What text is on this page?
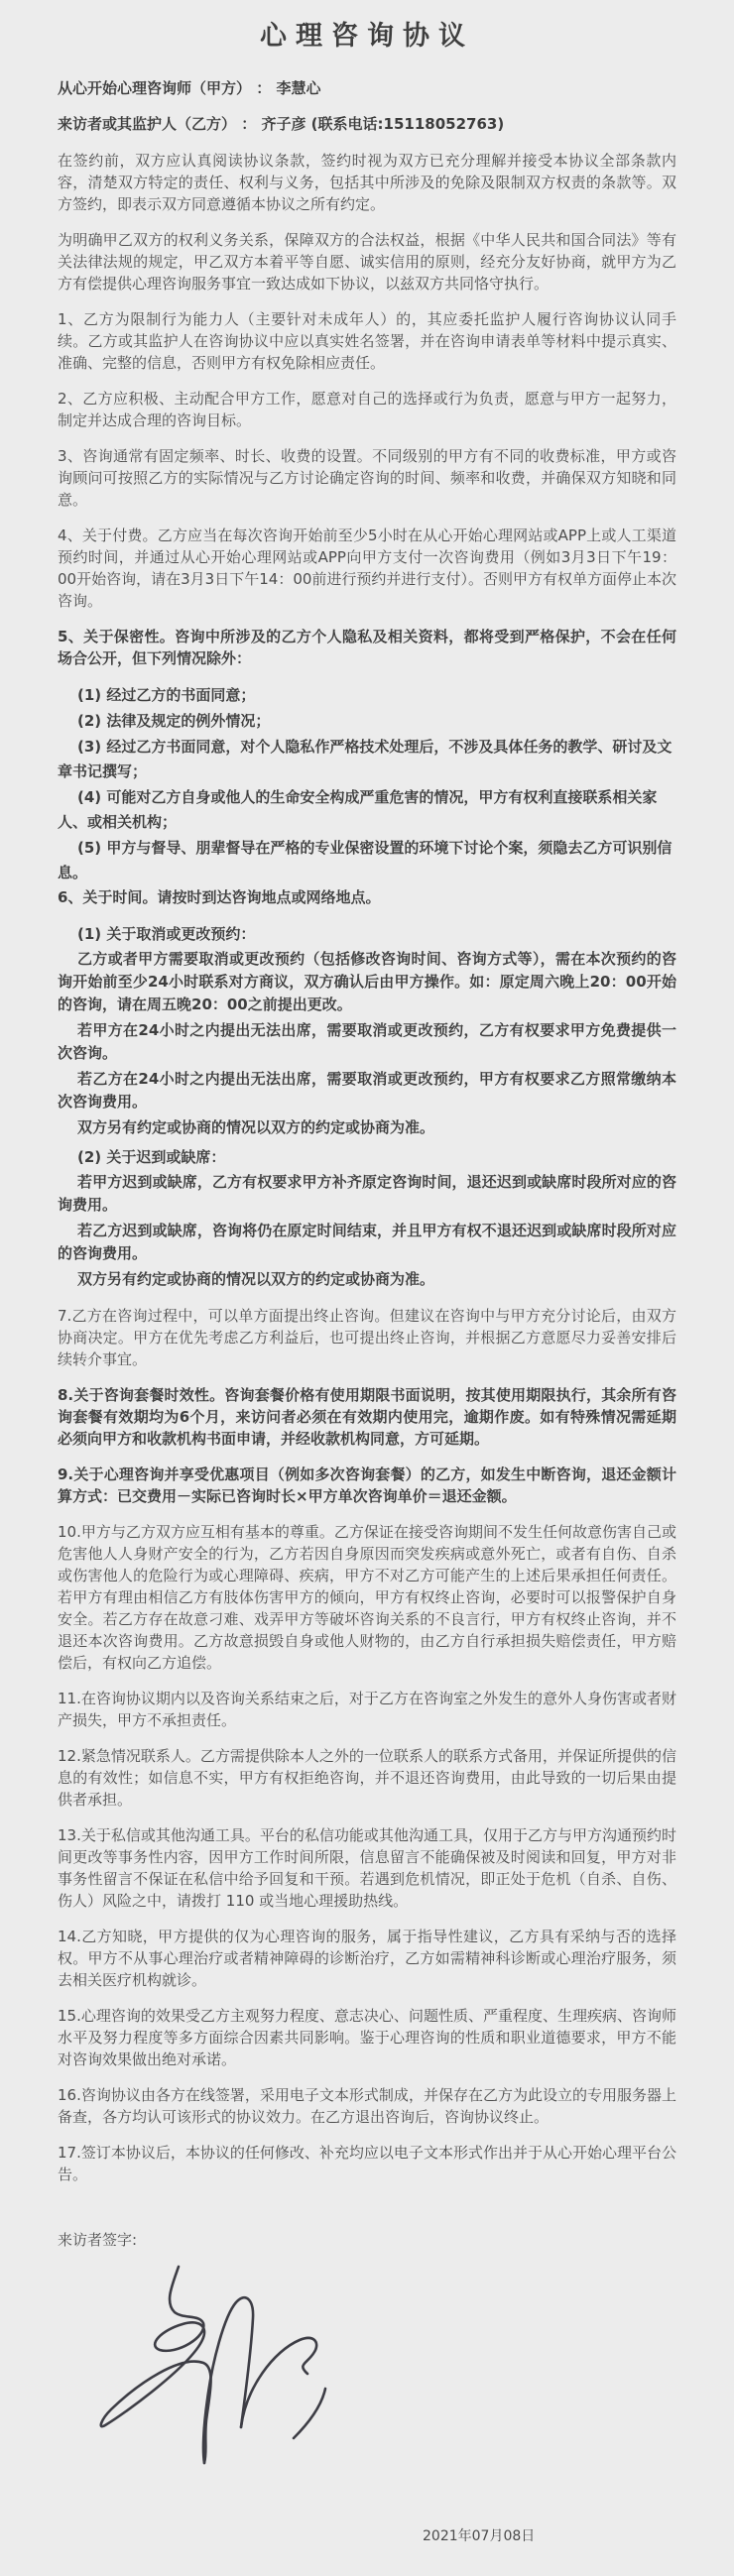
心理咨询协议

从心开始心理咨询师（甲方） ： 李慧心

来访者或其监护人（乙方） ： 齐子彦 (联系电话:15118052763)

在签约前，双方应认真阅读协议条款，签约时视为双方已充分理解并接受本协议全部条款内容，清楚双方特定的责任、权利与义务，包括其中所涉及的免除及限制双方权责的条款等。双方签约，即表示双方同意遵循本协议之所有约定。

为明确甲乙双方的权利义务关系，保障双方的合法权益，根据《中华人民共和国合同法》等有关法律法规的规定，甲乙双方本着平等自愿、诚实信用的原则，经充分友好协商，就甲方为乙方有偿提供心理咨询服务事宜一致达成如下协议，以兹双方共同恪守执行。

1、乙方为限制行为能力人（主要针对未成年人）的，其应委托监护人履行咨询协议认同手续。乙方或其监护人在咨询协议中应以真实姓名签署，并在咨询申请表单等材料中提示真实、准确、完整的信息，否则甲方有权免除相应责任。

2、乙方应积极、主动配合甲方工作，愿意对自己的选择或行为负责，愿意与甲方一起努力，制定并达成合理的咨询目标。

3、咨询通常有固定频率、时长、收费的设置。不同级别的甲方有不同的收费标准，甲方或咨询顾问可按照乙方的实际情况与乙方讨论确定咨询的时间、频率和收费，并确保双方知晓和同意。

4、关于付费。乙方应当在每次咨询开始前至少5小时在从心开始心理网站或APP上或人工渠道预约时间，并通过从心开始心理网站或APP向甲方支付一次咨询费用（例如3月3日下午19：00开始咨询，请在3月3日下午14：00前进行预约并进行支付）。否则甲方有权单方面停止本次咨询。

5、关于保密性。咨询中所涉及的乙方个人隐私及相关资料，都将受到严格保护，不会在任何场合公开，但下列情况除外：

(1) 经过乙方的书面同意；

(2) 法律及规定的例外情况；

(3) 经过乙方书面同意，对个人隐私作严格技术处理后，不涉及具体任务的教学、研讨及文章书记撰写；

(4) 可能对乙方自身或他人的生命安全构成严重危害的情况，甲方有权利直接联系相关家人、或相关机构；

(5) 甲方与督导、朋辈督导在严格的专业保密设置的环境下讨论个案，须隐去乙方可识别信息。

6、关于时间。请按时到达咨询地点或网络地点。

(1) 关于取消或更改预约：

乙方或者甲方需要取消或更改预约（包括修改咨询时间、咨询方式等），需在本次预约的咨询开始前至少24小时联系对方商议，双方确认后由甲方操作。如：原定周六晚上20：00开始的咨询，请在周五晚20：00之前提出更改。

若甲方在24小时之内提出无法出席，需要取消或更改预约，乙方有权要求甲方免费提供一次咨询。

若乙方在24小时之内提出无法出席，需要取消或更改预约，甲方有权要求乙方照常缴纳本次咨询费用。

双方另有约定或协商的情况以双方的约定或协商为准。

(2) 关于迟到或缺席：

若甲方迟到或缺席，乙方有权要求甲方补齐原定咨询时间，退还迟到或缺席时段所对应的咨询费用。

若乙方迟到或缺席，咨询将仍在原定时间结束，并且甲方有权不退还迟到或缺席时段所对应的咨询费用。

双方另有约定或协商的情况以双方的约定或协商为准。

7.乙方在咨询过程中，可以单方面提出终止咨询。但建议在咨询中与甲方充分讨论后，由双方协商决定。甲方在优先考虑乙方利益后，也可提出终止咨询，并根据乙方意愿尽力妥善安排后续转介事宜。

8.关于咨询套餐时效性。咨询套餐价格有使用期限书面说明，按其使用期限执行，其余所有咨询套餐有效期均为6个月，来访问者必须在有效期内使用完，逾期作废。如有特殊情况需延期必须向甲方和收款机构书面申请，并经收款机构同意，方可延期。

9.关于心理咨询并享受优惠项目（例如多次咨询套餐）的乙方，如发生中断咨询，退还金额计算方式：已交费用－实际已咨询时长×甲方单次咨询单价＝退还金额。

10.甲方与乙方双方应互相有基本的尊重。乙方保证在接受咨询期间不发生任何故意伤害自己或危害他人人身财产安全的行为，乙方若因自身原因而突发疾病或意外死亡，或者有自伤、自杀或伤害他人的危险行为或心理障碍、疾病，甲方不对乙方可能产生的上述后果承担任何责任。若甲方有理由相信乙方有肢体伤害甲方的倾向，甲方有权终止咨询，必要时可以报警保护自身安全。若乙方存在故意刁难、戏弄甲方等破坏咨询关系的不良言行，甲方有权终止咨询，并不退还本次咨询费用。乙方故意损毁自身或他人财物的，由乙方自行承担损失赔偿责任，甲方赔偿后，有权向乙方追偿。

11.在咨询协议期内以及咨询关系结束之后，对于乙方在咨询室之外发生的意外人身伤害或者财产损失，甲方不承担责任。

12.紧急情况联系人。乙方需提供除本人之外的一位联系人的联系方式备用，并保证所提供的信息的有效性；如信息不实，甲方有权拒绝咨询，并不退还咨询费用，由此导致的一切后果由提供者承担。

13.关于私信或其他沟通工具。平台的私信功能或其他沟通工具，仅用于乙方与甲方沟通预约时间更改等事务性内容，因甲方工作时间所限，信息留言不能确保被及时阅读和回复，甲方对非事务性留言不保证在私信中给予回复和干预。若遇到危机情况，即正处于危机（自杀、自伤、伤人）风险之中，请拨打 110 或当地心理援助热线。

14.乙方知晓，甲方提供的仅为心理咨询的服务，属于指导性建议，乙方具有采纳与否的选择权。甲方不从事心理治疗或者精神障碍的诊断治疗，乙方如需精神科诊断或心理治疗服务，须去相关医疗机构就诊。

15.心理咨询的效果受乙方主观努力程度、意志决心、问题性质、严重程度、生理疾病、咨询师水平及努力程度等多方面综合因素共同影响。鉴于心理咨询的性质和职业道德要求，甲方不能对咨询效果做出绝对承诺。

16.咨询协议由各方在线签署，采用电子文本形式制成，并保存在乙方为此设立的专用服务器上备查，各方均认可该形式的协议效力。在乙方退出咨询后，咨询协议终止。

17.签订本协议后，本协议的任何修改、补充均应以电子文本形式作出并于从心开始心理平台公告。

来访者签字:

2021年07月08日
